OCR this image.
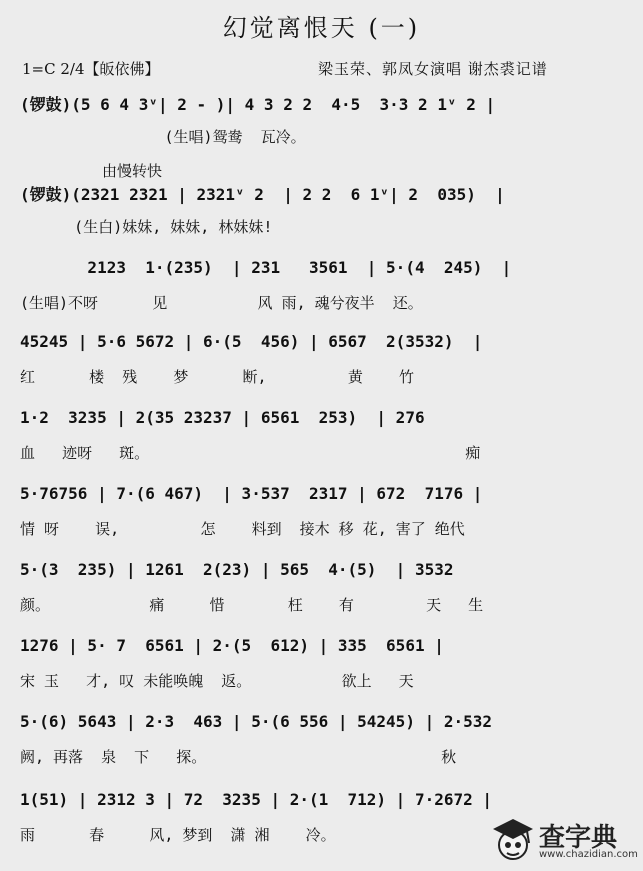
幻觉离恨天 (一)
1=C 2/4【皈依佛】	梁玉荣、郭凤女演唱 谢杰裘记谱
由慢转快
(锣鼓)(5 6 4 3ᵛ| 2 - )| 4 3 2 2  4·5  3·3 2 1ᵛ 2 |
(生唱)鸳鸯  瓦冷。
(锣鼓)(2321 2321 | 2321ᵛ 2  | 2 2  6 1ᵛ| 2  035)  |
(生白)妹妹, 妹妹, 林妹妹!
2123  1·(235)  | 231   3561  | 5·(4  245)  |
(生唱)不呀      见          风 雨, 魂兮夜半  还。
45245 | 5·6 5672 | 6·(5  456) | 6567  2(3532)  |
红      楼  残    梦      断,         黄    竹
1·2  3235 | 2(35 23237 | 6561  253)  | 276
血   迹呀   斑。                                   痴
5·76756 | 7·(6 467)  | 3·537  2317 | 672  7176 |
情 呀    误,         怎    料到  接木 移 花, 害了 绝代
5·(3  235) | 1261  2(23) | 565  4·(5)  | 3532
颜。           痛     惜       枉    有        天   生
1276 | 5· 7  6561 | 2·(5  612) | 335  6561 |
宋 玉   才, 叹 未能唤魄  返。          欲上   天
5·(6) 5643 | 2·3  463 | 5·(6 556 | 54245) | 2·532
阙, 再落  泉  下   探。                          秋
1(51) | 2312 3 | 72  3235 | 2·(1  712) | 7·2672 |
雨      春     风, 梦到  潇 湘    冷。	查字典
www.chazidian.com
